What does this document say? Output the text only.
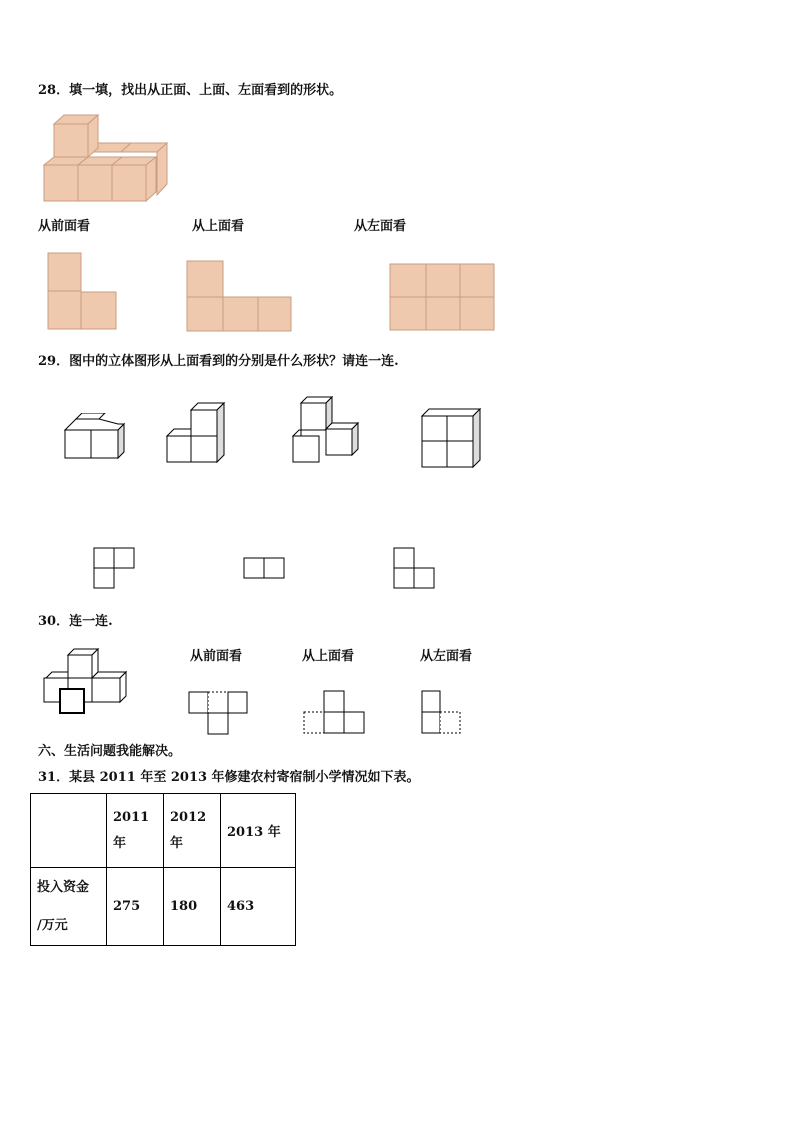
28．填一填，找出从正面、上面、左面看到的形状。
从前面看	从上面看	从左面看
29．图中的立体图形从上面看到的分别是什么形状？请连一连.
30．连一连.
从前面看	从上面看	从左面看
六、生活问题我能解决。
31．某县 2011 年至 2013 年修建农村寄宿制小学情况如下表。

	2011年	2012年	2013 年

投入资金
/万元	275	180	463
